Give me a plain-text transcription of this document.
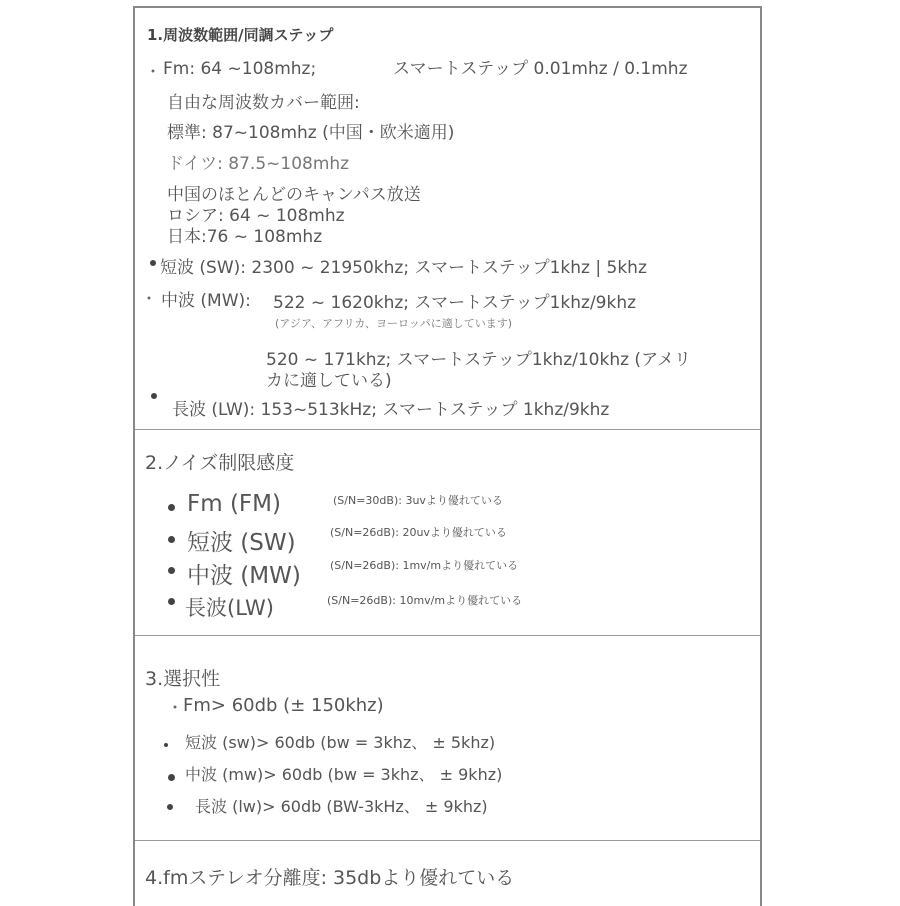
1.周波数範囲/同調ステップ
・ Fm: 64 ~108mhz;	スマートステップ 0.01mhz / 0.1mhz
自由な周波数カバー範囲:
標準: 87~108mhz (中国・欧米適用)
ドイツ: 87.5~108mhz
中国のほとんどのキャンパス放送
ロシア: 64 ~ 108mhz
日本:76 ~ 108mhz
短波 (SW): 2300 ~ 21950khz; スマートステップ1khz | 5khz
・ 中波 (MW): 522 ~ 1620khz; スマートステップ1khz/9khz
(アジア、アフリカ、ヨーロッパに適しています)
520 ~ 171khz; スマートステップ1khz/10khz (アメリ
カに適している)
長波 (LW): 153~513kHz; スマートステップ 1khz/9khz
2.ノイズ制限感度
Fm (FM)	(S/N=30dB): 3uvより優れている
短波 (SW)	(S/N=26dB): 20uvより優れている
中波 (MW)	(S/N=26dB): 1mv/mより優れている
長波(LW)	(S/N=26dB): 10mv/mより優れている
3.選択性
・ Fm> 60db (± 150khz)
短波 (sw)> 60db (bw = 3khz、 ± 5khz)
中波 (mw)> 60db (bw = 3khz、 ± 9khz)
長波 (lw)> 60db (BW-3kHz、 ± 9khz)
4.fmステレオ分離度: 35dbより優れている
